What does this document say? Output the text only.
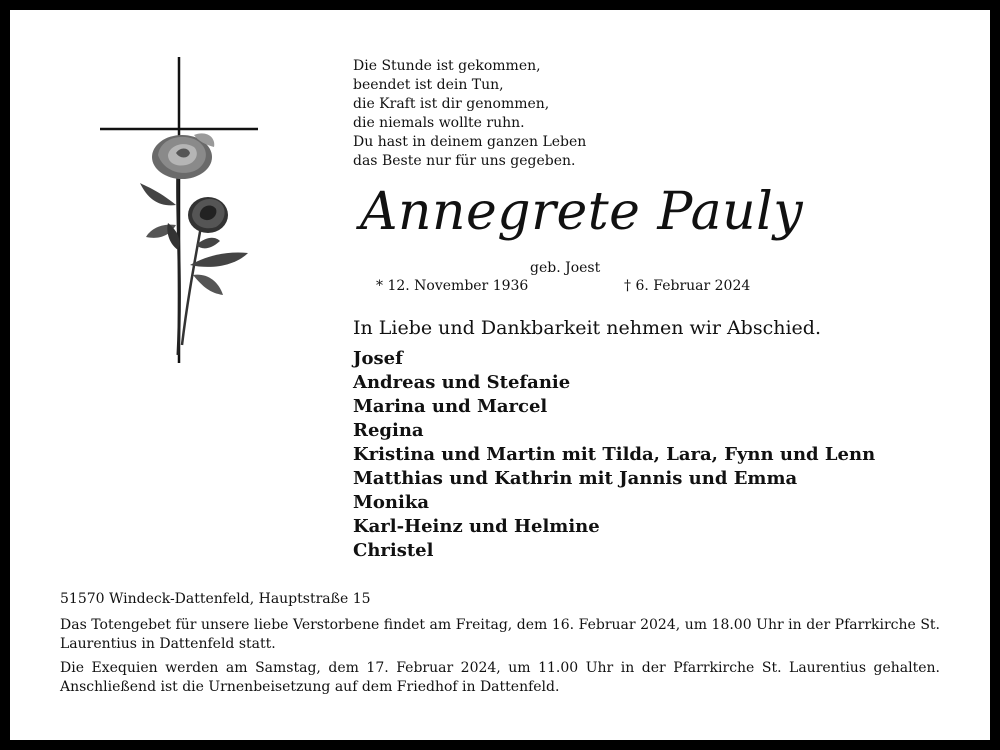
Die Stunde ist gekommen,
beendet ist dein Tun,
die Kraft ist dir genommen,
die niemals wollte ruhn.
Du hast in deinem ganzen Leben
das Beste nur für uns gegeben.
Annegrete Pauly
geb. Joest
* 12. November 1936	† 6. Februar 2024
In Liebe und Dankbarkeit nehmen wir Abschied.
Josef
Andreas und Stefanie
Marina und Marcel
Regina
Kristina und Martin mit Tilda, Lara, Fynn und Lenn
Matthias und Kathrin mit Jannis und Emma
Monika
Karl-Heinz und Helmine
Christel
51570 Windeck-Dattenfeld, Hauptstraße 15
Das Totengebet für unsere liebe Verstorbene findet am Freitag, dem 16. Februar 2024, um 18.00 Uhr in der Pfarrkirche St. Laurentius in Dattenfeld statt.
Die Exequien werden am Samstag, dem 17. Februar 2024, um 11.00 Uhr in der Pfarrkirche St. Laurentius gehalten. Anschließend ist die Urnenbeisetzung auf dem Friedhof in Dattenfeld.
